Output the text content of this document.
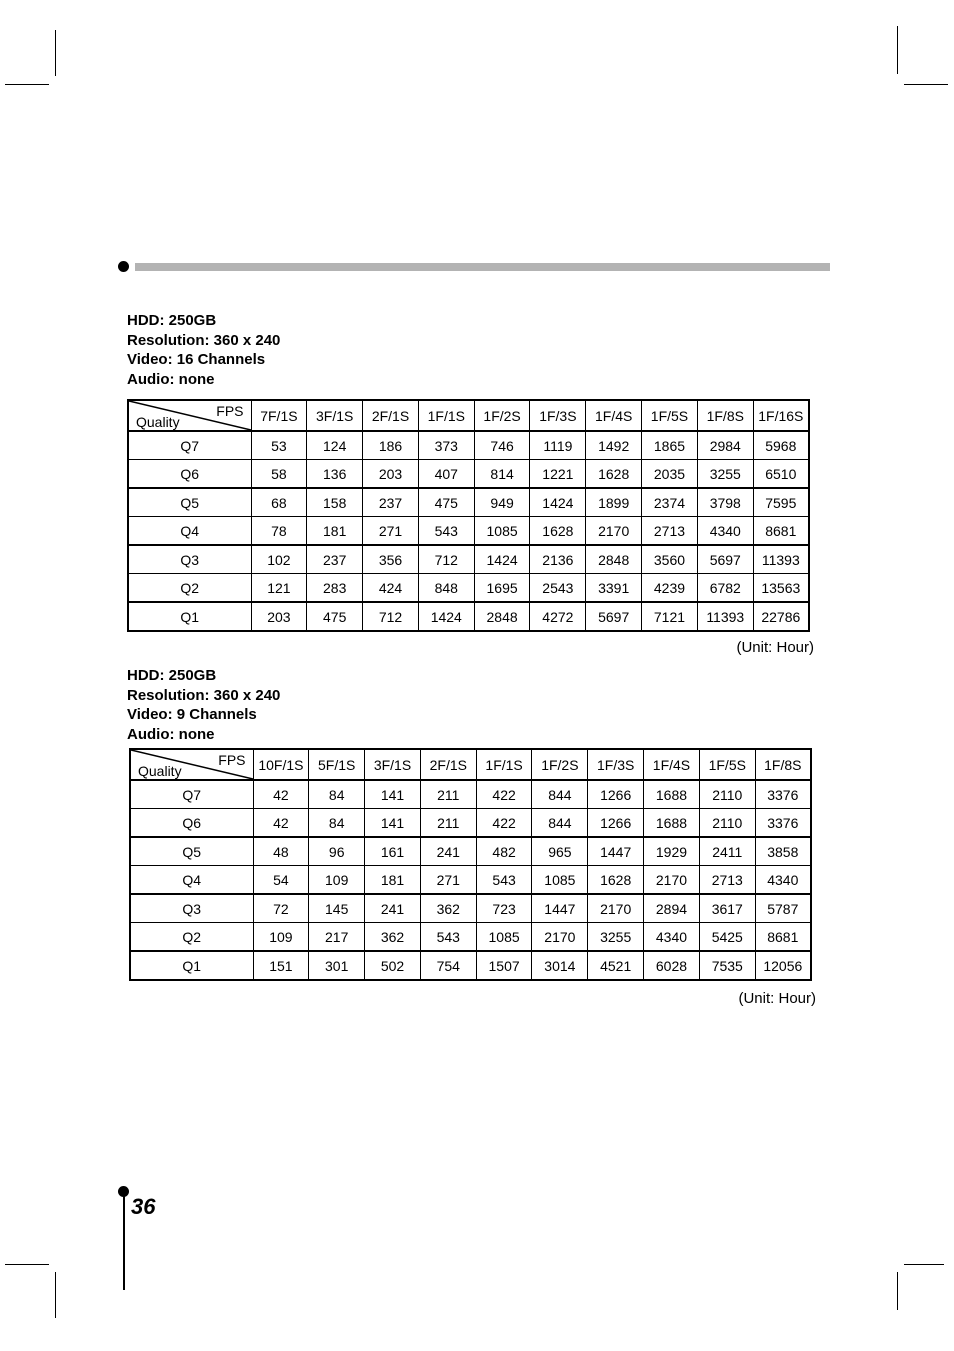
HDD: 250GB
Resolution: 360 x 240
Video: 16 Channels
Audio: none
FPS
Quality	7F/1S	3F/1S	2F/1S	1F/1S	1F/2S	1F/3S	1F/4S	1F/5S	1F/8S	1F/16S
Q7	53	124	186	373	746	1119	1492	1865	2984	5968
Q6	58	136	203	407	814	1221	1628	2035	3255	6510
Q5	68	158	237	475	949	1424	1899	2374	3798	7595
Q4	78	181	271	543	1085	1628	2170	2713	4340	8681
Q3	102	237	356	712	1424	2136	2848	3560	5697	11393
Q2	121	283	424	848	1695	2543	3391	4239	6782	13563
Q1	203	475	712	1424	2848	4272	5697	7121	11393	22786
(Unit: Hour)
HDD: 250GB
Resolution: 360 x 240
Video: 9 Channels
Audio: none
FPS
Quality	10F/1S	5F/1S	3F/1S	2F/1S	1F/1S	1F/2S	1F/3S	1F/4S	1F/5S	1F/8S
Q7	42	84	141	211	422	844	1266	1688	2110	3376
Q6	42	84	141	211	422	844	1266	1688	2110	3376
Q5	48	96	161	241	482	965	1447	1929	2411	3858
Q4	54	109	181	271	543	1085	1628	2170	2713	4340
Q3	72	145	241	362	723	1447	2170	2894	3617	5787
Q2	109	217	362	543	1085	2170	3255	4340	5425	8681
Q1	151	301	502	754	1507	3014	4521	6028	7535	12056
(Unit: Hour)
36
